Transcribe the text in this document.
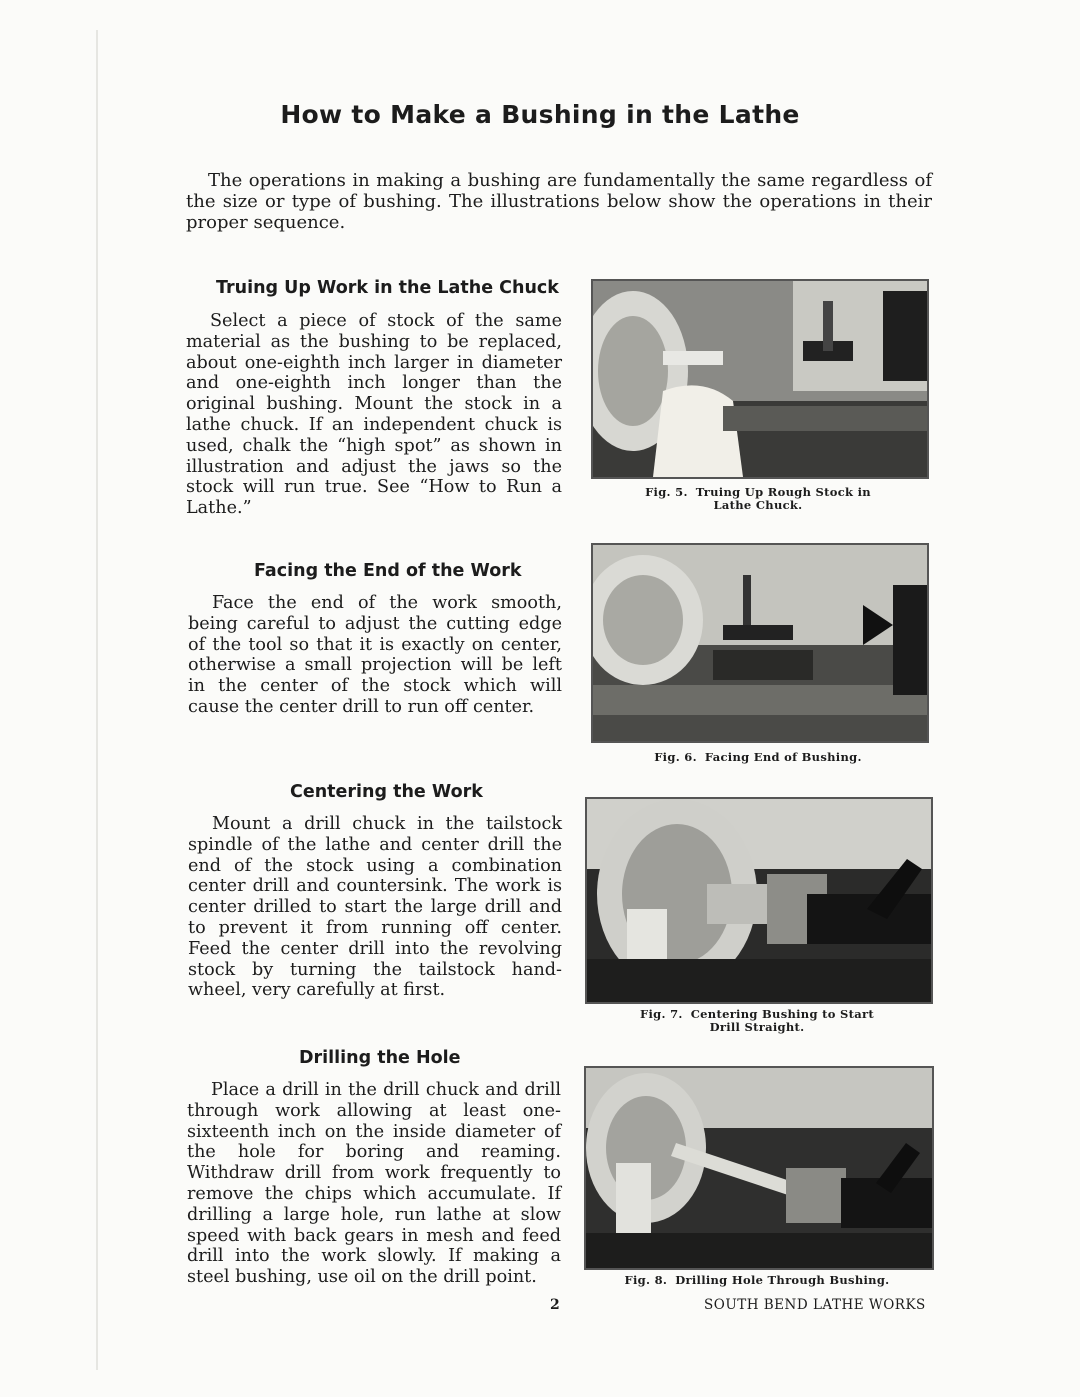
How to Make a Bushing in the Lathe

The operations in making a bushing are fundamentally the same regardless of the size or type of bushing. The illustrations below show the operations in their proper sequence.

Truing Up Work in the Lathe Chuck

Select a piece of stock of the same material as the bushing to be replaced, about one-eighth inch larger in diameter and one-eighth inch longer than the original bushing. Mount the stock in a lathe chuck. If an independent chuck is used, chalk the “high spot” as shown in illustration and adjust the jaws so the stock will run true. See “How to Run a Lathe.”

Fig. 5. Truing Up Rough Stock in
Lathe Chuck.
Facing the End of the Work

Face the end of the work smooth, being careful to adjust the cutting edge of the tool so that it is exactly on center, otherwise a small projection will be left in the center of the stock which will cause the center drill to run off center.

Fig. 6. Facing End of Bushing.
Centering the Work

Mount a drill chuck in the tailstock spindle of the lathe and center drill the end of the stock using a combination center drill and countersink. The work is center drilled to start the large drill and to prevent it from running off center. Feed the center drill into the revolving stock by turning the tailstock hand-wheel, very carefully at first.

Fig. 7. Centering Bushing to Start
Drill Straight.
Drilling the Hole

Place a drill in the drill chuck and drill through work allowing at least one-sixteenth inch on the inside diameter of the hole for boring and reaming. Withdraw drill from work frequently to remove the chips which accumulate. If drilling a large hole, run lathe at slow speed with back gears in mesh and feed drill into the work slowly. If making a steel bushing, use oil on the drill point.	Fig. 8. Drilling Hole Through Bushing.
2	SOUTH BEND LATHE WORKS
